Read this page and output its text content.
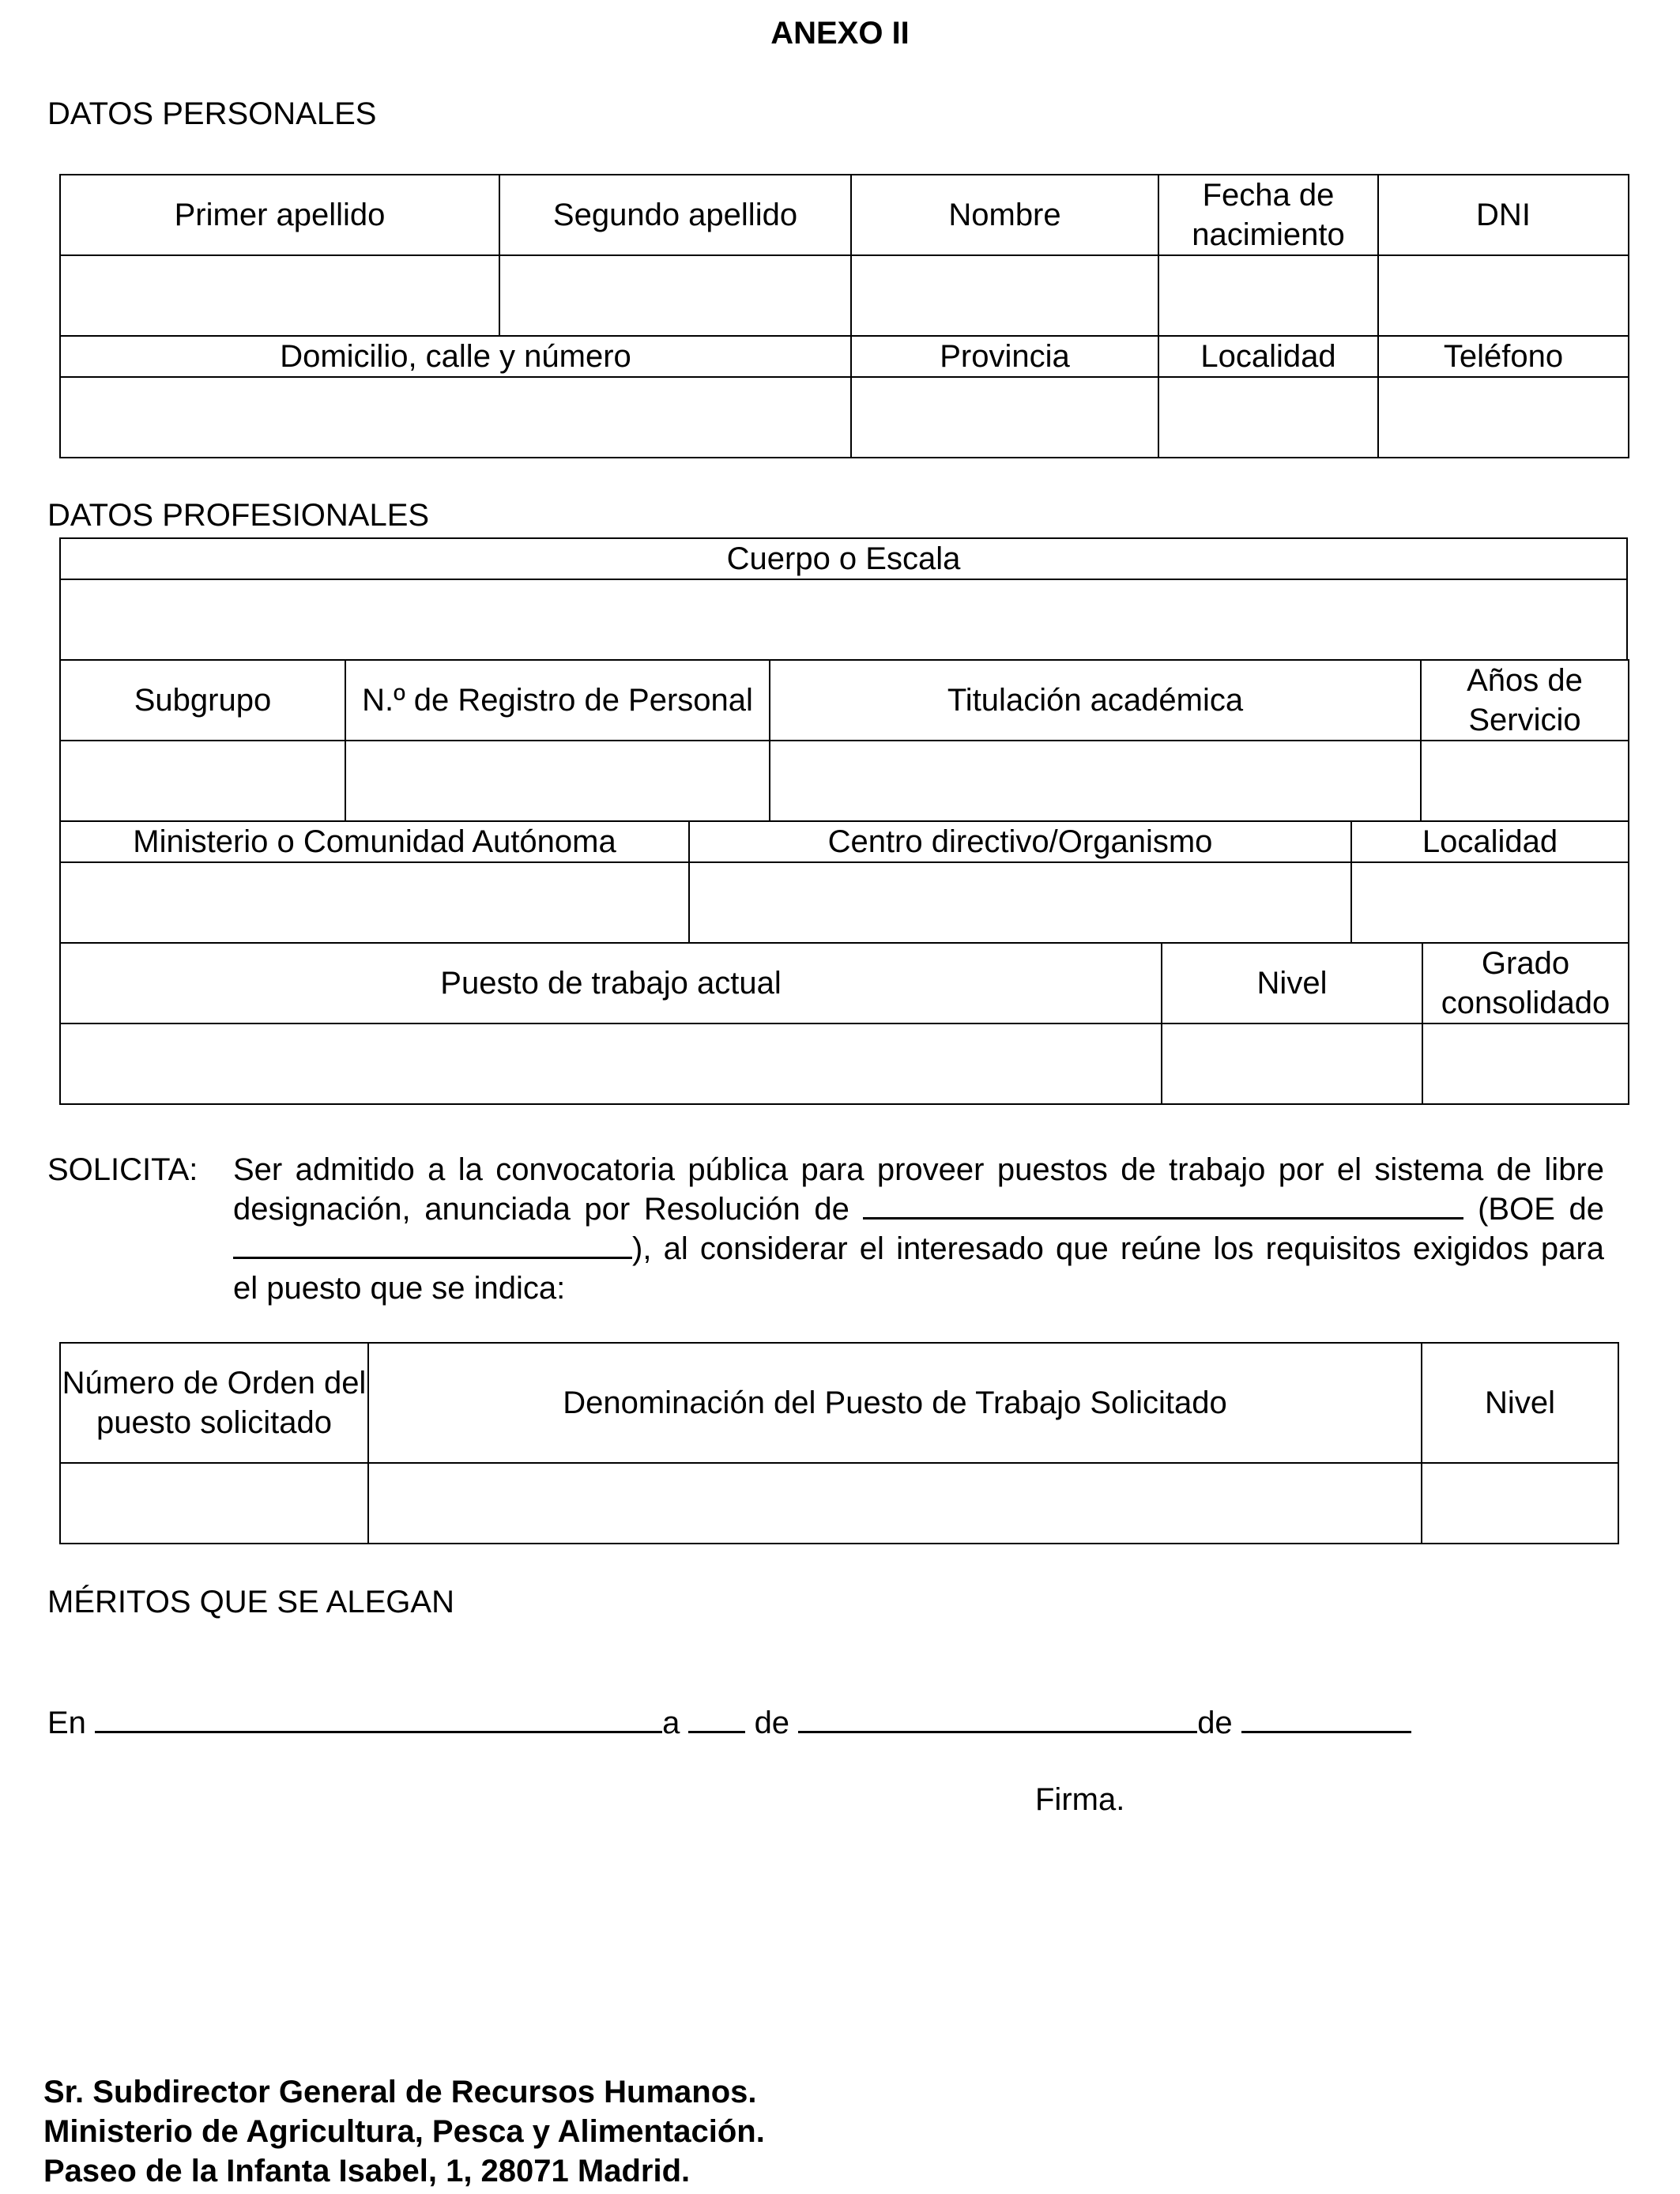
ANEXO II
DATOS PERSONALES
Primer apellido	Segundo apellido	Nombre	Fecha de nacimiento	DNI

Domicilio, calle y número		Provincia	Localidad	Teléfono

DATOS PROFESIONALES
Cuerpo o Escala

Subgrupo	N.º de Registro de Personal	Titulación académica	Años de Servicio

Ministerio o Comunidad Autónoma	Centro directivo/Organismo	Localidad

Puesto de trabajo actual	Nivel	Grado consolidado

SOLICITA: Ser admitido a la convocatoria pública para proveer puestos de trabajo por el sistema de libre designación, anunciada por Resolución de	(BOE de), al considerar el interesado que reúne los requisitos exigidos para el puesto que se indica:
Número de Orden del puesto solicitado	Denominación del Puesto de Trabajo Solicitado	Nivel

MÉRITOS QUE SE ALEGAN
En	a de	de
Firma.
Sr. Subdirector General de Recursos Humanos.
Ministerio de Agricultura, Pesca y Alimentación.
Paseo de la Infanta Isabel, 1, 28071 Madrid.
